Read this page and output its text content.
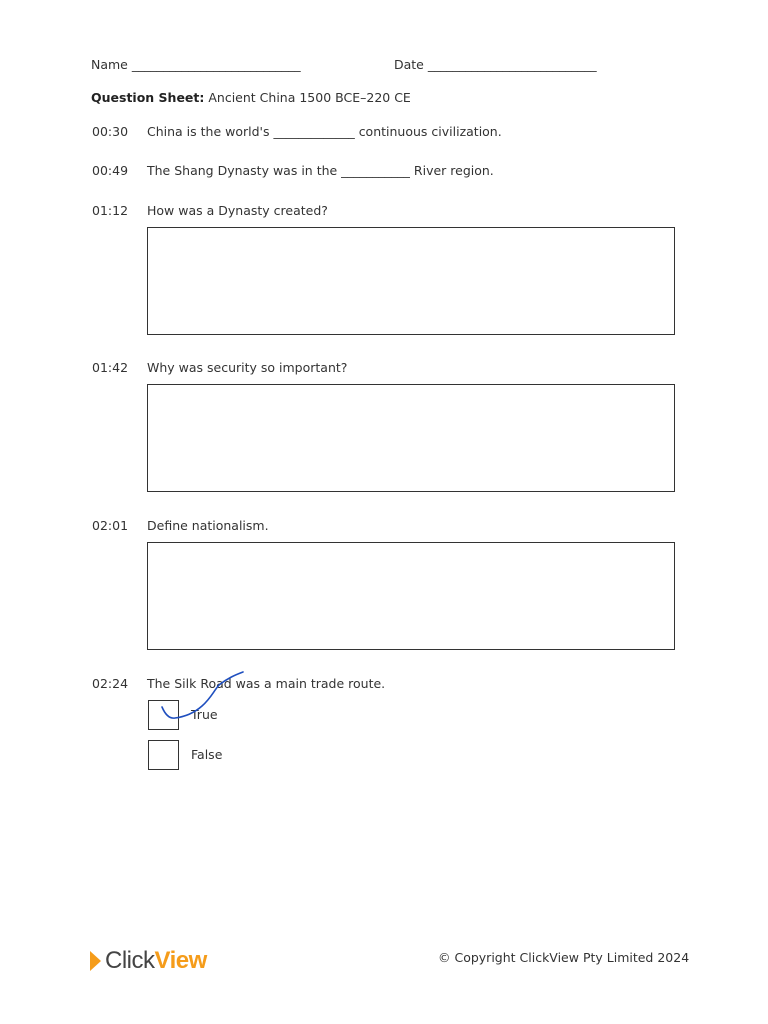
Name ___________________________	Date ___________________________
Question Sheet: Ancient China 1500 BCE–220 CE
00:30 China is the world's _____________ continuous civilization.
00:49 The Shang Dynasty was in the ___________ River region.
01:12 How was a Dynasty created?
01:42 Why was security so important?
02:01 Define nationalism.
02:24 The Silk Road was a main trade route.
True
False
ClickView	© Copyright ClickView Pty Limited 2024
